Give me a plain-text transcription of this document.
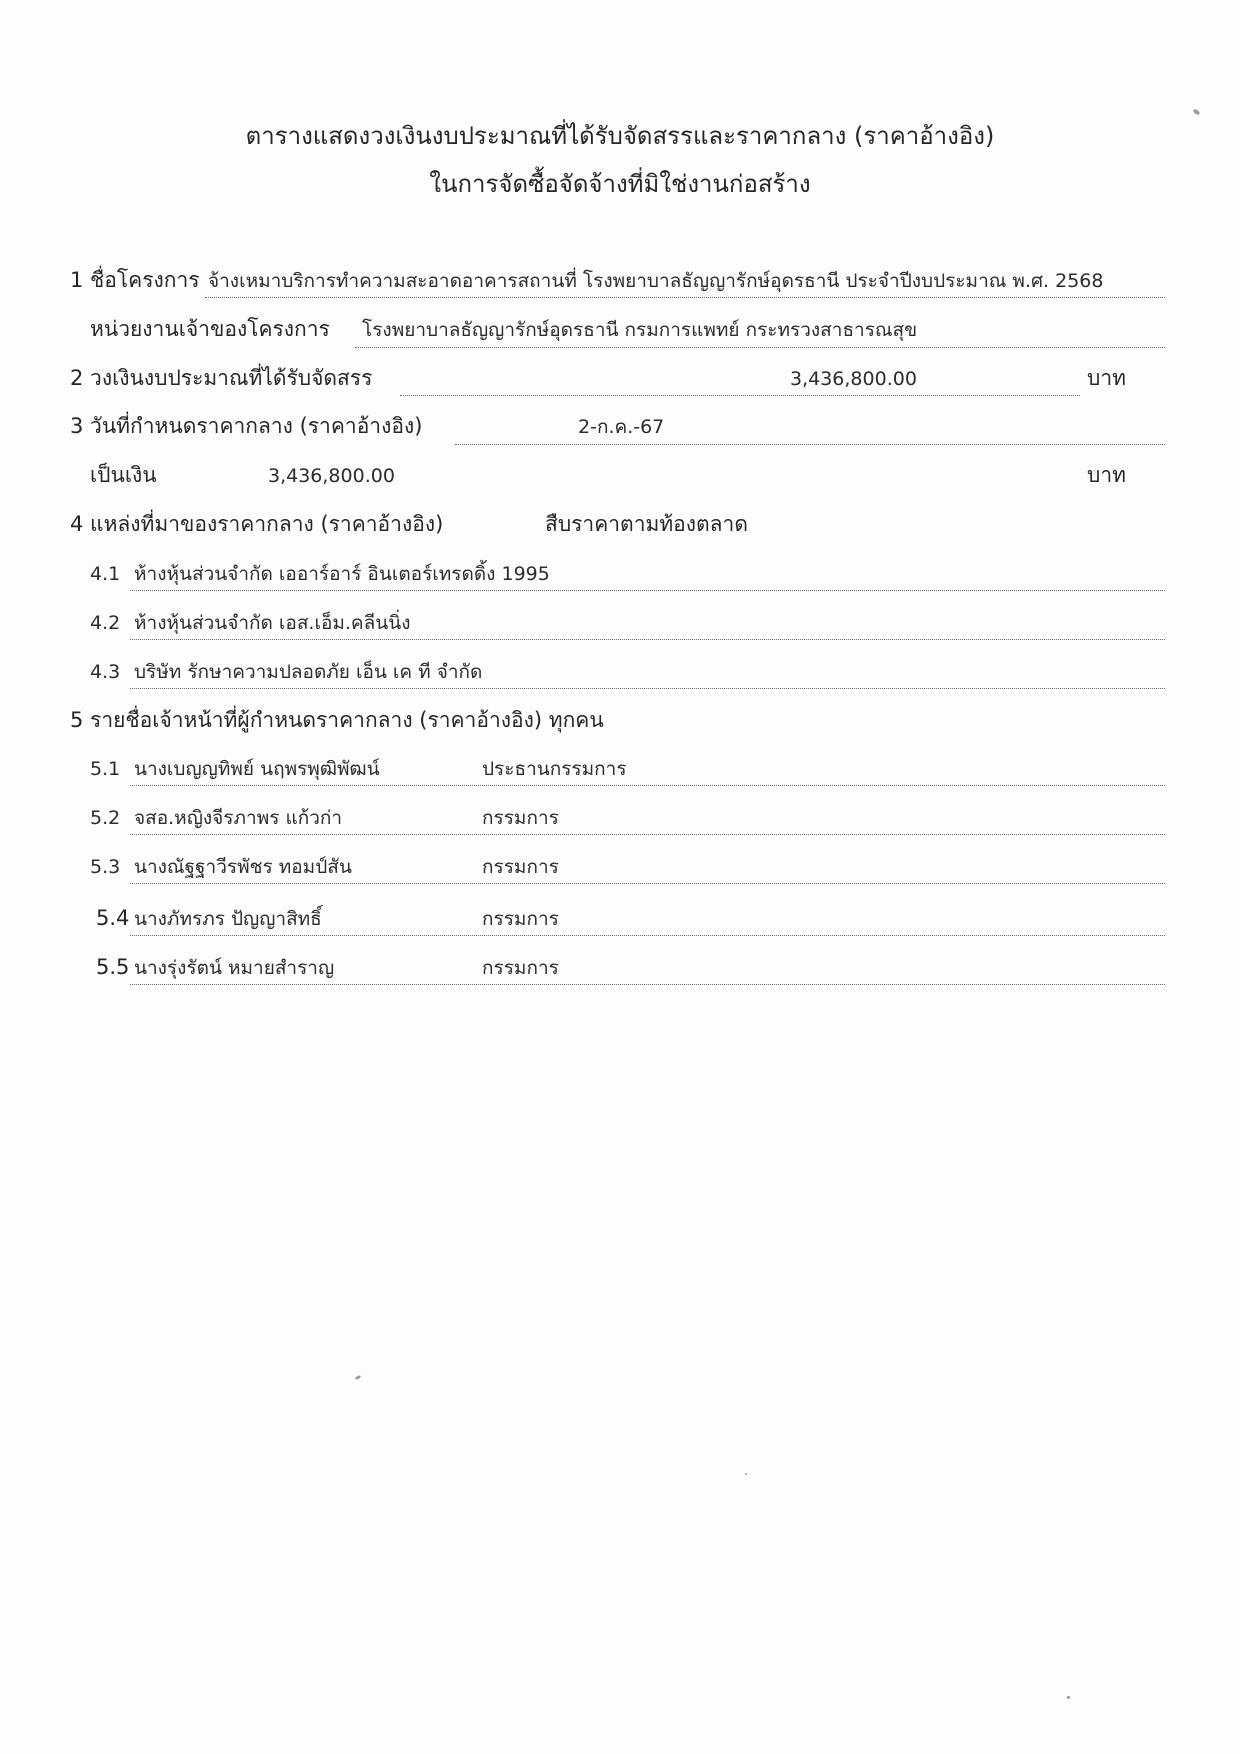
ตารางแสดงวงเงินงบประมาณที่ได้รับจัดสรรและราคากลาง (ราคาอ้างอิง)
ในการจัดซื้อจัดจ้างที่มิใช่งานก่อสร้าง
1 ชื่อโครงการ จ้างเหมาบริการทำความสะอาดอาคารสถานที่ โรงพยาบาลธัญญารักษ์อุดรธานี ประจำปีงบประมาณ พ.ศ. 2568
หน่วยงานเจ้าของโครงการ โรงพยาบาลธัญญารักษ์อุดรธานี กรมการแพทย์ กระทรวงสาธารณสุข
2 วงเงินงบประมาณที่ได้รับจัดสรร	3,436,800.00	บาท
3 วันที่กำหนดราคากลาง (ราคาอ้างอิง)	2-ก.ค.-67
เป็นเงิน	3,436,800.00	บาท
4 แหล่งที่มาของราคากลาง (ราคาอ้างอิง)	สืบราคาตามท้องตลาด
4.1 ห้างหุ้นส่วนจำกัด เออาร์อาร์ อินเตอร์เทรดดิ้ง 1995
4.2 ห้างหุ้นส่วนจำกัด เอส.เอ็ม.คลีนนิ่ง
4.3 บริษัท รักษาความปลอดภัย เอ็น เค ที จำกัด
5 รายชื่อเจ้าหน้าที่ผู้กำหนดราคากลาง (ราคาอ้างอิง) ทุกคน
5.1 นางเบญญทิพย์ นฤพรพุฒิพัฒน์	ประธานกรรมการ
5.2 จสอ.หญิงจีรภาพร แก้วก่า	กรรมการ
5.3 นางณัฐฐาวีรพัชร ทอมป์สัน	กรรมการ
5.4 นางภัทรภร ปัญญาสิทธิ์	กรรมการ
5.5 นางรุ่งรัตน์ หมายสำราญ	กรรมการ
